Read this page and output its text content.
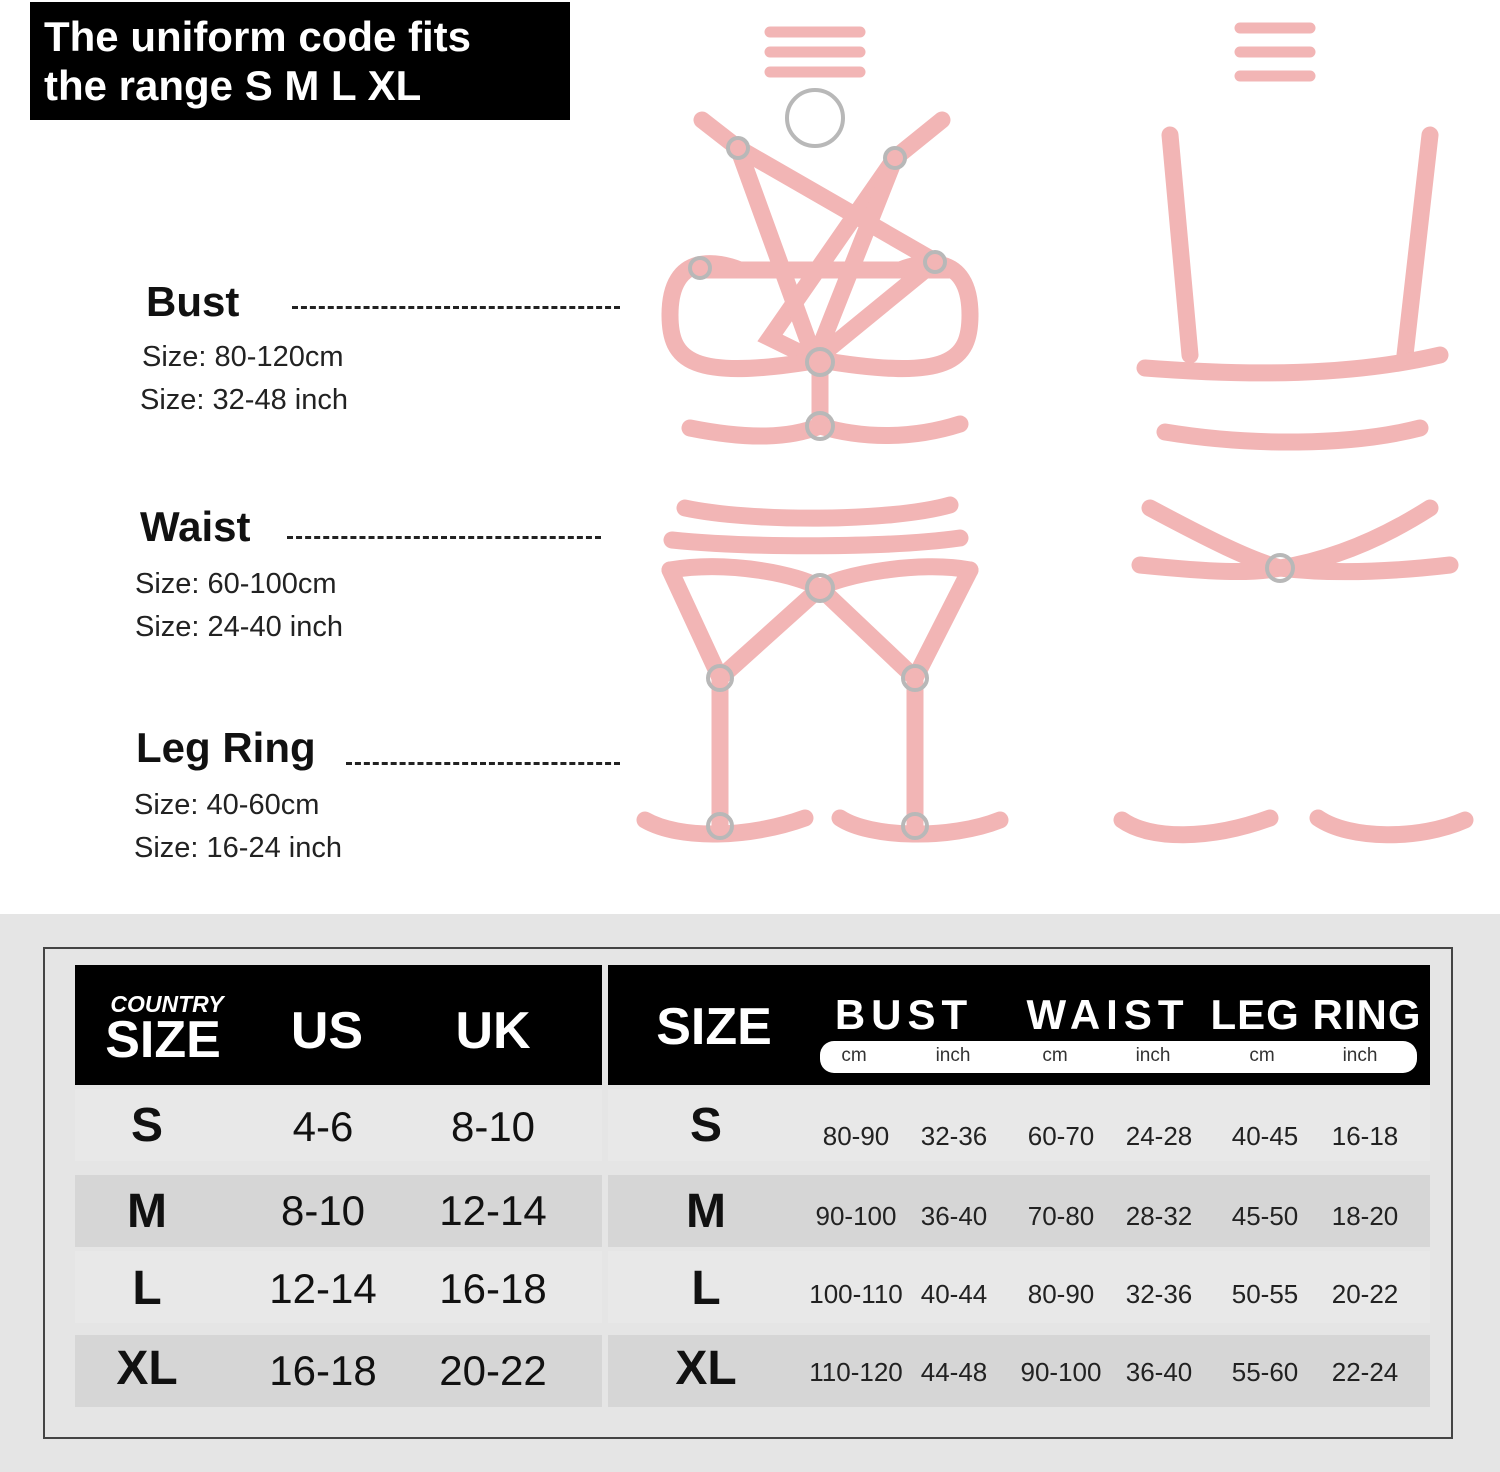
The uniform code fits
the range S M L XL
Bust
Size: 80-120cm
Size: 32-48 inch
Waist
Size: 60-100cm
Size: 24-40 inch
Leg Ring
Size: 40-60cm
Size: 16-24 inch
COUNTRY
SIZE US UK
S	4-6 8-10
M	8-10 12-14
L	12-14 16-18
XL 16-18 20-22
SIZE BUST WAIST LEG RING
cm	inch	cm	inch	cm	inch
S	80-90 32-36 60-70 24-28 40-45 16-18
M	90-100 36-40 70-80 28-32 45-50 18-20
L	100-110 40-44 80-90 32-36 50-55 20-22
XL	110-120 44-48 90-100 36-40 55-60 22-24
